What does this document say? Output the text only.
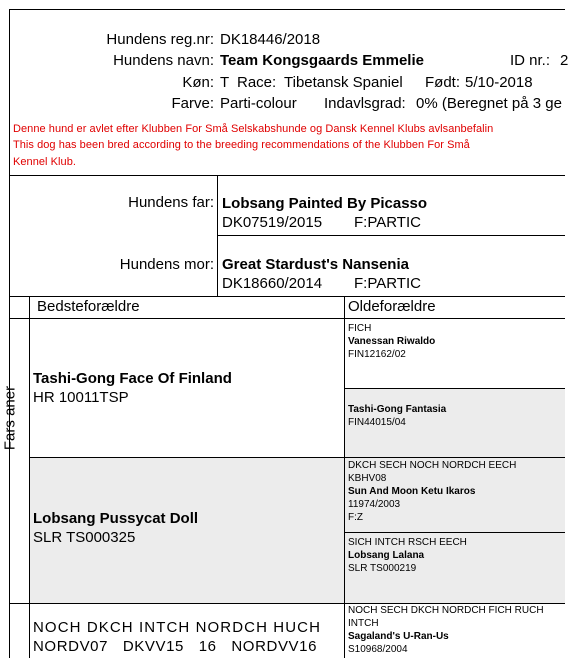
Hundens reg.nr: DK18446/2018
Hundens navn: Team Kongsgaards Emmelie	ID nr.: 2
Køn: T Race: Tibetansk Spaniel Født: 5/10-2018
Farve: Parti-colour Indavlsgrad: 0% (Beregnet på 3 ge
Denne hund er avlet efter Klubben For Små Selskabshunde og Dansk Kennel Klubs avlsanbefalin
This dog has been bred according to the breeding recommendations of the Klubben For Små
Kennel Klub.
Hundens far: Lobsang Painted By Picasso
DK07519/2015 F:PARTIC
Hundens mor: Great Stardust's Nansenia
DK18660/2014 F:PARTIC
Bedsteforældre	Oldeforældre
Fars aner
Tashi-Gong Face Of Finland
HR 10011TSP
FICH
Vanessan Riwaldo
FIN12162/02
Tashi-Gong Fantasia
FIN44015/04
Lobsang Pussycat Doll
SLR TS000325
DKCH SECH NOCH NORDCH EECH
KBHV08
Sun And Moon Ketu Ikaros
11974/2003
F:Z
SICH INTCH RSCH EECH
Lobsang Lalana
SLR TS000219
NOCH DKCH INTCH NORDCH HUCH
NORDV07 DKVV15 16 NORDVV16
NOCH SECH DKCH NORDCH FICH RUCH
INTCH
Sagaland's U-Ran-Us
S10968/2004
